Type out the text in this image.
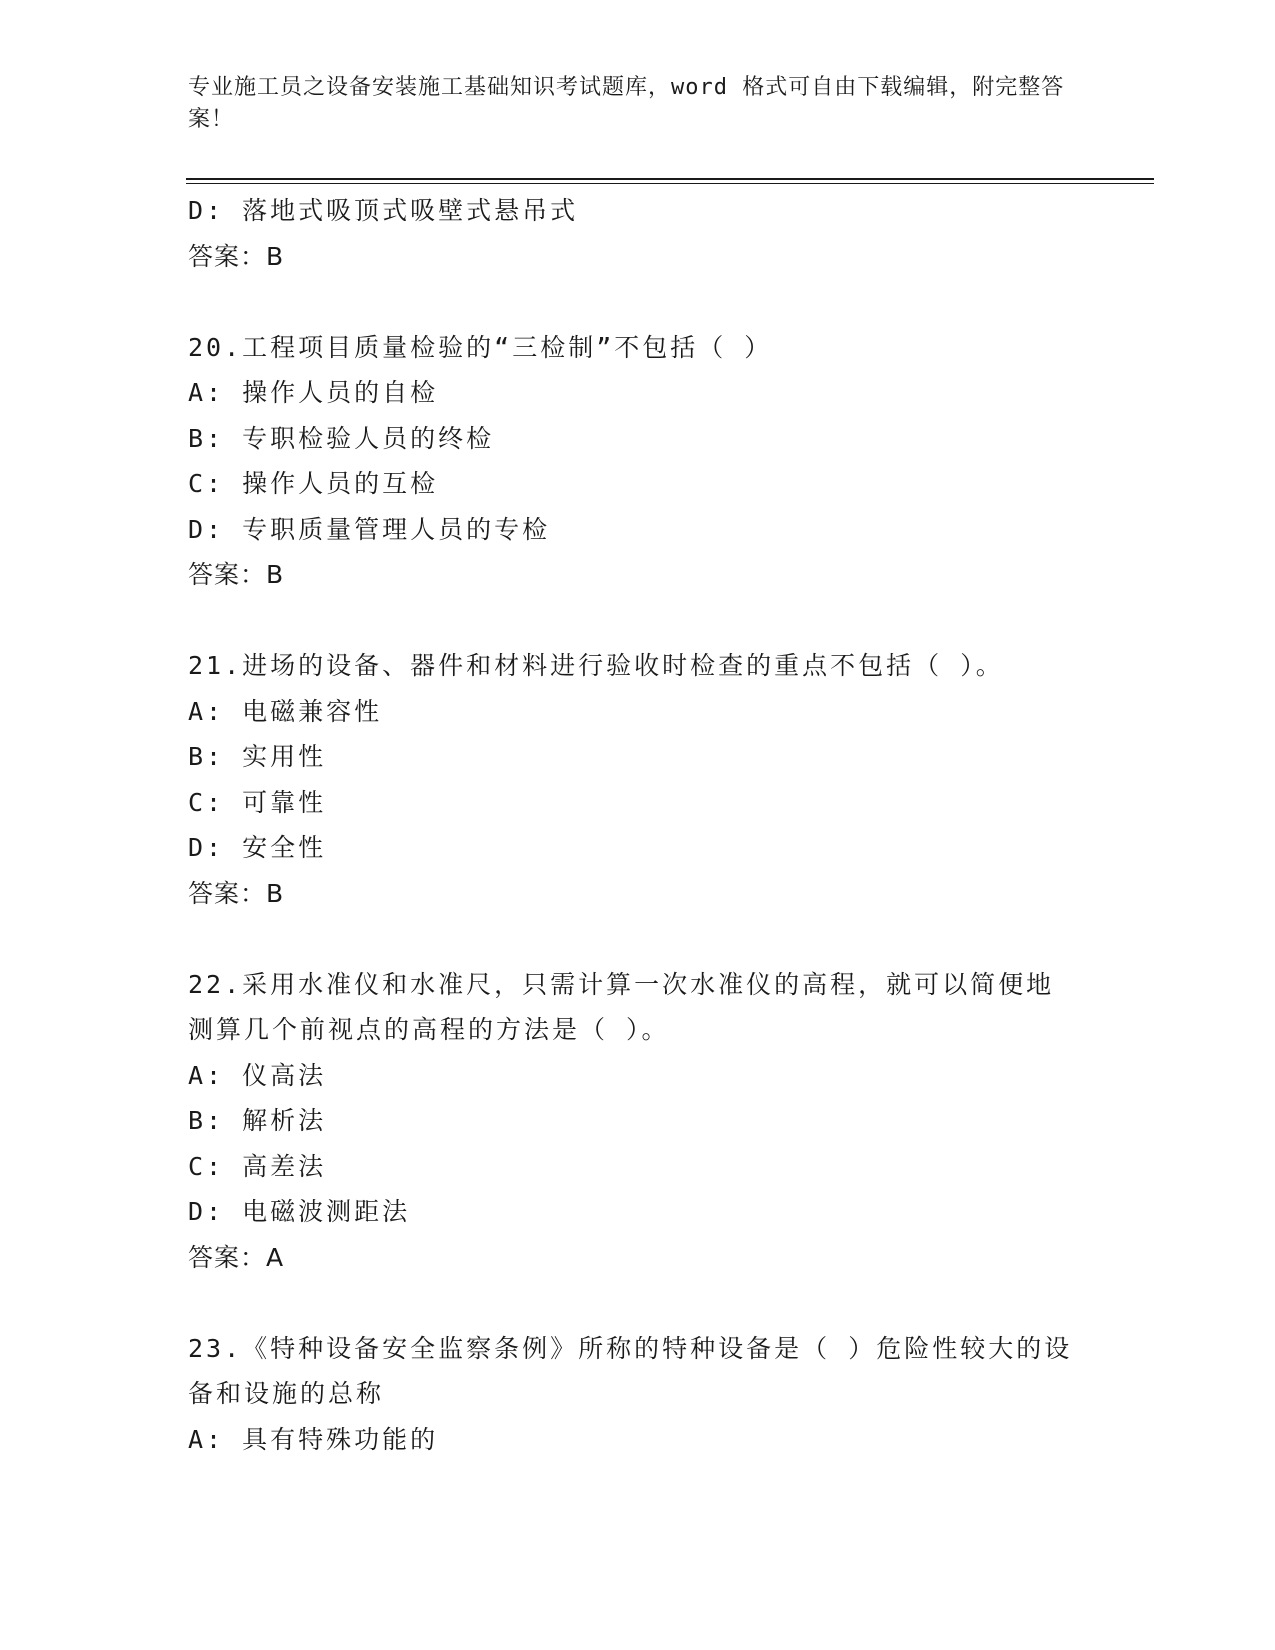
专业施工员之设备安装施工基础知识考试题库，word 格式可自由下载编辑，附完整答案！
D: 落地式吸顶式吸壁式悬吊式
答案：B
20.工程项目质量检验的“三检制”不包括（ ）
A: 操作人员的自检
B: 专职检验人员的终检
C: 操作人员的互检
D: 专职质量管理人员的专检
答案：B
21.进场的设备、器件和材料进行验收时检查的重点不包括（ ）。
A: 电磁兼容性
B: 实用性
C: 可靠性
D: 安全性
答案：B
22.采用水准仪和水准尺，只需计算一次水准仪的高程，就可以简便地测算几个前视点的高程的方法是（ ）。
A: 仪高法
B: 解析法
C: 高差法
D: 电磁波测距法
答案：A
23.《特种设备安全监察条例》所称的特种设备是（ ）危险性较大的设备和设施的总称
A: 具有特殊功能的
